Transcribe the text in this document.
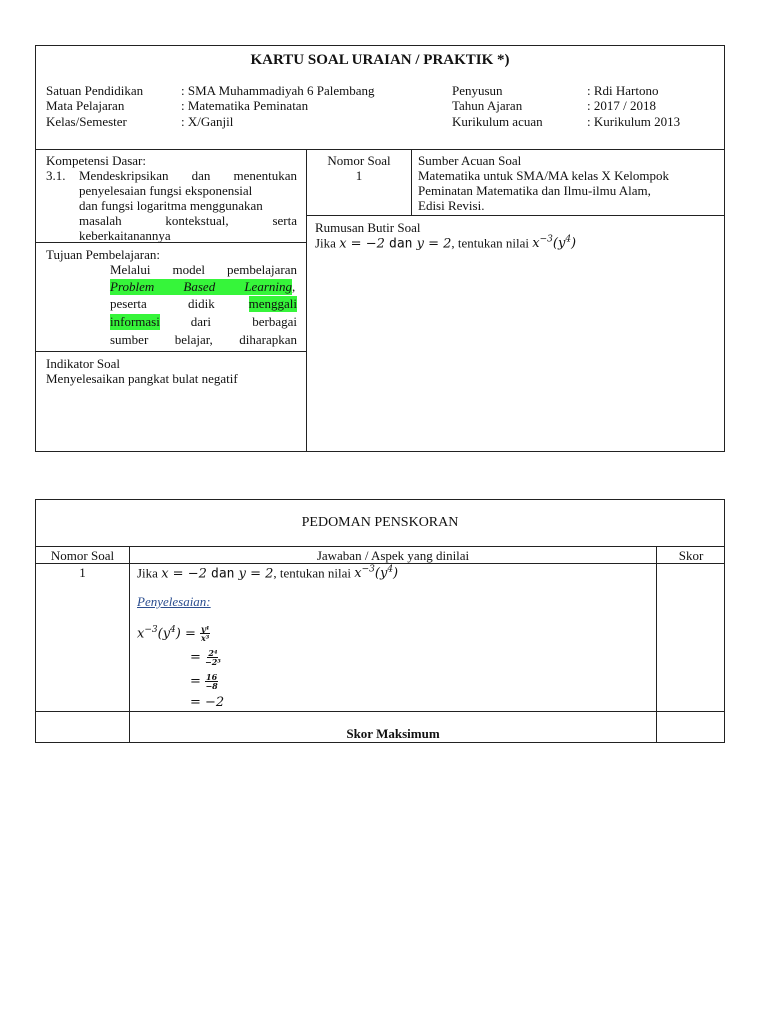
KARTU SOAL URAIAN / PRAKTIK *)
Satuan Pendidikan	: SMA Muhammadiyah 6 Palembang
Mata Pelajaran	: Matematika Peminatan
Kelas/Semester	: X/Ganjil
Penyusun	: Rdi Hartono
Tahun Ajaran	: 2017 / 2018
Kurikulum acuan	: Kurikulum 2013
Kompetensi Dasar:
3.1. Mendeskripsikan dan menentukan
penyelesaian fungsi eksponensial
dan fungsi logaritma menggunakan
masalah kontekstual, serta
keberkaitanannya
Nomor Soal
1
Sumber Acuan Soal
Matematika untuk SMA/MA kelas X Kelompok
Peminatan Matematika dan Ilmu-ilmu Alam,
Edisi Revisi.
Tujuan Pembelajaran:
Melalui model pembelajaran
Problem Based Learning,
peserta didik	menggali
informasi dari berbagai
sumber belajar, diharapkan
Rumusan Butir Soal
Jika x = −2 dan y = 2, tentukan nilai $x^{-3}(y^4)$
Indikator Soal
Menyelesaikan pangkat bulat negatif
PEDOMAN PENSKORAN
Nomor Soal	Jawaban / Aspek yang dinilai	Skor
1	Jika x = −2 dan y = 2, tentukan nilai $x^{-3}(y^4)$
Penyelesaian:
$x^{-3}(y^4) = \frac{\text{y⁴}}{\text{x³}}$
= $\frac{\text{2⁴}}{\text{−2³}}$
= $\frac{16}{-8}$
= −2
Skor Maksimum
